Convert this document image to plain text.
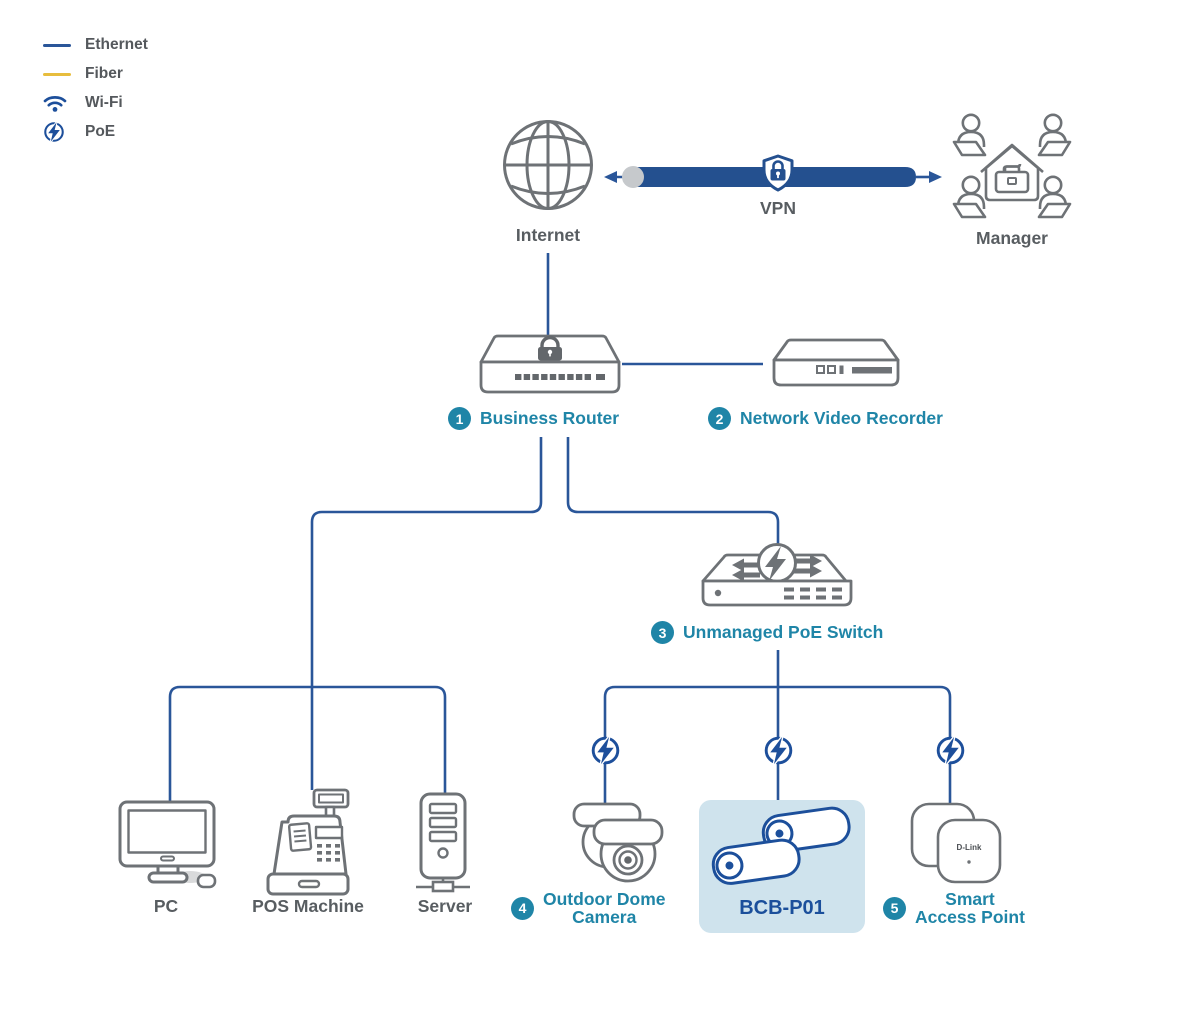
Ethernet
Fiber
Wi-Fi
PoE
Internet
VPN
Manager
1 Business Router	2 Network Video Recorder
3 Unmanaged PoE Switch
PC	POS Machine	Server	4 Outdoor Dome
Camera	BCB-P01
D-Link
5	Smart
Access Point
